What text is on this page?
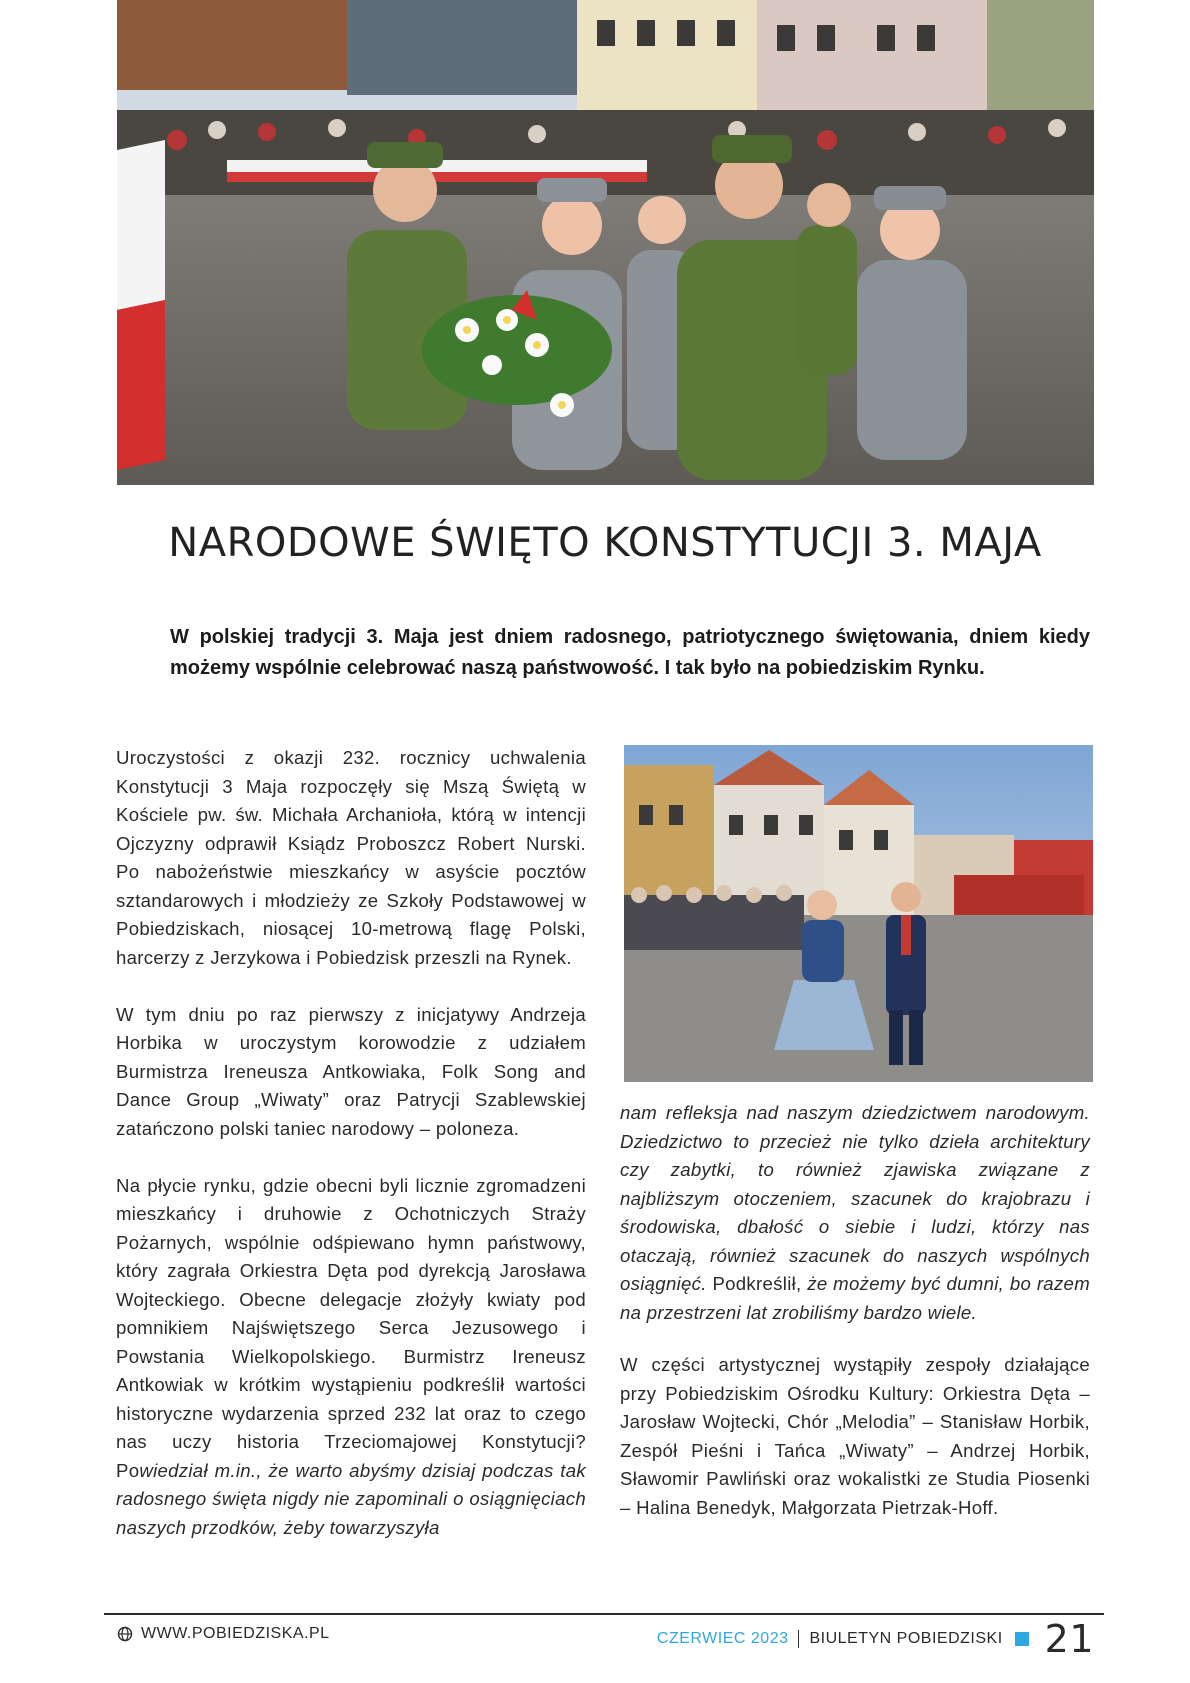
NARODOWE ŚWIĘTO KONSTYTUCJI 3. MAJA

W polskiej tradycji 3. Maja jest dniem radosnego, patriotycznego świętowania, dniem kiedy możemy wspólnie celebrować naszą państwowość. I tak było na pobiedziskim Rynku.

Uroczystości z okazji 232. rocznicy uchwalenia Konstytucji 3 Maja rozpoczęły się Mszą Świętą w Kościele pw. św. Michała Archanioła, którą w intencji Ojczyzny odprawił Ksiądz Proboszcz Robert Nurski. Po nabożeństwie mieszkańcy w asyście pocztów sztandarowych i młodzieży ze Szkoły Podstawowej w Pobiedziskach, niosącej 10-metrową flagę Polski, harcerzy z Jerzykowa i Pobiedzisk przeszli na Rynek.

W tym dniu po raz pierwszy z inicjatywy Andrzeja Horbika w uroczystym korowodzie z udziałem Burmistrza Ireneusza Antkowiaka, Folk Song and Dance Group „Wiwaty” oraz Patrycji Szablewskiej zatańczono polski taniec narodowy – poloneza.

Na płycie rynku, gdzie obecni byli licznie zgromadzeni mieszkańcy i druhowie z Ochotniczych Straży Pożarnych, wspólnie odśpiewano hymn państwowy, który zagrała Orkiestra Dęta pod dyrekcją Jarosława Wojteckiego. Obecne delegacje złożyły kwiaty pod pomnikiem Najświętszego Serca Jezusowego i Powstania Wielkopolskiego. Burmistrz Ireneusz Antkowiak w krótkim wystąpieniu podkreślił wartości historyczne wydarzenia sprzed 232 lat oraz to czego nas uczy historia Trzeciomajowej Konstytucji? Powiedział m.in., że warto abyśmy dzisiaj podczas tak radosnego święta nigdy nie zapominali o osiągnięciach naszych przodków, żeby towarzyszyła

nam refleksja nad naszym dziedzictwem narodowym. Dziedzictwo to przecież nie tylko dzieła architektury czy zabytki, to również zjawiska związane z najbliższym otoczeniem, szacunek do krajobrazu i środowiska, dbałość o siebie i ludzi, którzy nas otaczają, również szacunek do naszych wspólnych osiągnięć. Podkreślił, że możemy być dumni, bo razem na przestrzeni lat zrobiliśmy bardzo wiele.

W części artystycznej wystąpiły zespoły działające przy Pobiedziskim Ośrodku Kultury: Orkiestra Dęta – Jarosław Wojtecki, Chór „Melodia” – Stanisław Horbik, Zespół Pieśni i Tańca „Wiwaty” – Andrzej Horbik, Sławomir Pawliński oraz wokalistki ze Studia Piosenki – Halina Benedyk, Małgorzata Pietrzak-Hoff.

WWW.POBIEDZISKA.PL	CZERWIEC 2023 BIULETYN POBIEDZISKI 21
